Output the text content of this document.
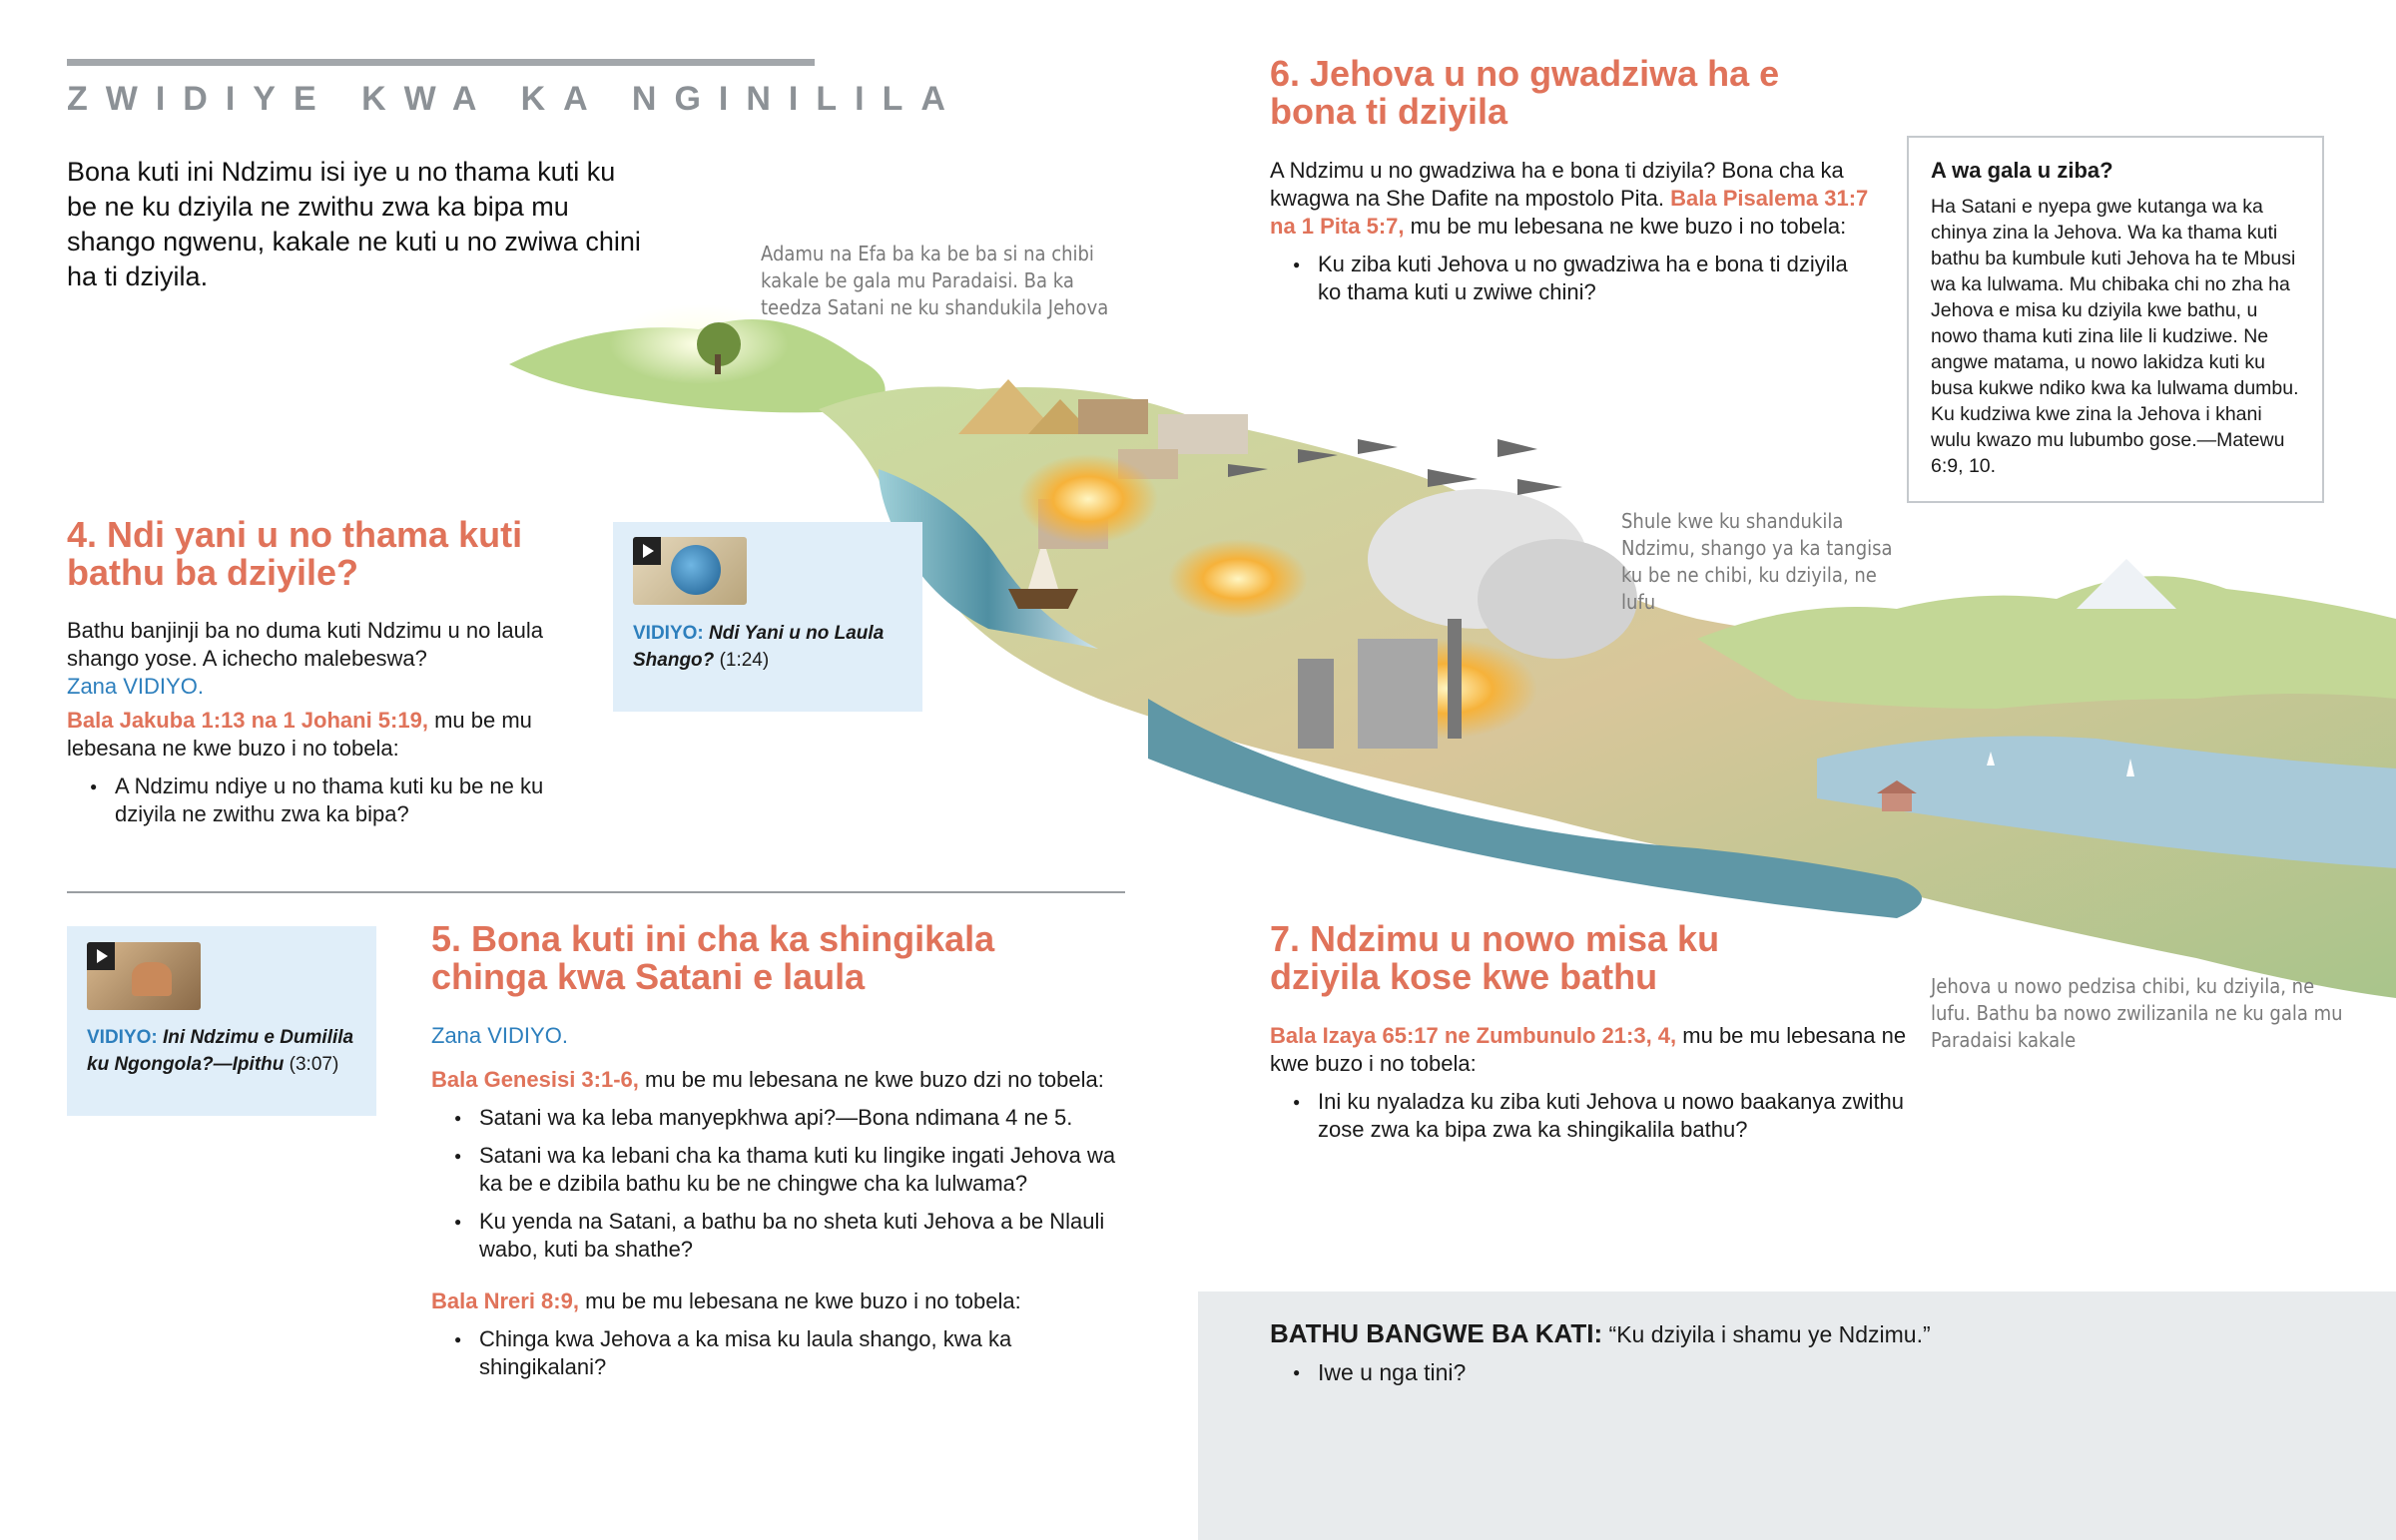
ZWIDIYE KWA KA NGINILILA
Bona kuti ini Ndzimu isi iye u no thama kuti ku be ne ku dziyila ne zwithu zwa ka bipa mu shango ngwenu, kakale ne kuti u no zwiwa chini ha ti dziyila.
Adamu na Efa ba ka be ba si na chibi kakale be gala mu Paradaisi. Ba ka teedza Satani ne ku shandukila Jehova
4. Ndi yani u no thama kuti bathu ba dziyile?
Bathu banjinji ba no duma kuti Ndzimu u no laula shango yose. A ichecho malebeswa?
Zana VIDIYO.
Bala Jakuba 1:13 na 1 Johani 5:19, mu be mu lebesana ne kwe buzo i no tobela:
● A Ndzimu ndiye u no thama kuti ku be ne ku dziyila ne zwithu zwa ka bipa?
VIDIYO: Ndi Yani u no Laula Shango? (1:24)
VIDIYO: Ini Ndzimu e Dumilila ku Ngongola?—Ipithu (3:07)
5. Bona kuti ini cha ka shingikala chinga kwa Satani e laula
Zana VIDIYO.
Bala Genesisi 3:1-6, mu be mu lebesana ne kwe buzo dzi no tobela:
● Satani wa ka leba manyepkhwa api?—Bona ndimana 4 ne 5.
● Satani wa ka lebani cha ka thama kuti ku lingike ingati Jehova wa ka be e dzibila bathu ku be ne chingwe cha ka lulwama?
● Ku yenda na Satani, a bathu ba no sheta kuti Jehova a be Nlauli wabo, kuti ba shathe?
Bala Nreri 8:9, mu be mu lebesana ne kwe buzo i no tobela:
● Chinga kwa Jehova a ka misa ku laula shango, kwa ka shingikalani?
6. Jehova u no gwadziwa ha e bona ti dziyila
A Ndzimu u no gwadziwa ha e bona ti dziyila? Bona cha ka kwagwa na She Dafite na mpostolo Pita. Bala Pisalema 31:7 na 1 Pita 5:7, mu be mu lebesana ne kwe buzo i no tobela:
● Ku ziba kuti Jehova u no gwadziwa ha e bona ti dziyila ko thama kuti u zwiwe chini?
A wa gala u ziba?

Ha Satani e nyepa gwe kutanga wa ka chinya zina la Jehova. Wa ka thama kuti bathu ba kumbule kuti Jehova ha te Mbusi wa ka lulwama. Mu chibaka chi no zha ha Jehova e misa ku dziyila kwe bathu, u nowo thama kuti zina lile li kudziwe. Ne angwe matama, u nowo lakidza kuti ku busa kukwe ndiko kwa ka lulwama dumbu. Ku kudziwa kwe zina la Jehova i khani wulu kwazo mu lubumbo gose.—Matewu 6:9, 10.

Shule kwe ku shandukila Ndzimu, shango ya ka tangisa ku be ne chibi, ku dziyila, ne lufu
7. Ndzimu u nowo misa ku dziyila kose kwe bathu
Bala Izaya 65:17 ne Zumbunulo 21:3, 4, mu be mu lebesana ne kwe buzo i no tobela:
● Ini ku nyaladza ku ziba kuti Jehova u nowo baakanya zwithu zose zwa ka bipa zwa ka shingikalila bathu?
Jehova u nowo pedzisa chibi, ku dziyila, ne lufu. Bathu ba nowo zwilizanila ne ku gala mu Paradaisi kakale
BATHU BANGWE BA KATI: “Ku dziyila i shamu ye Ndzimu.”
● Iwe u nga tini?
